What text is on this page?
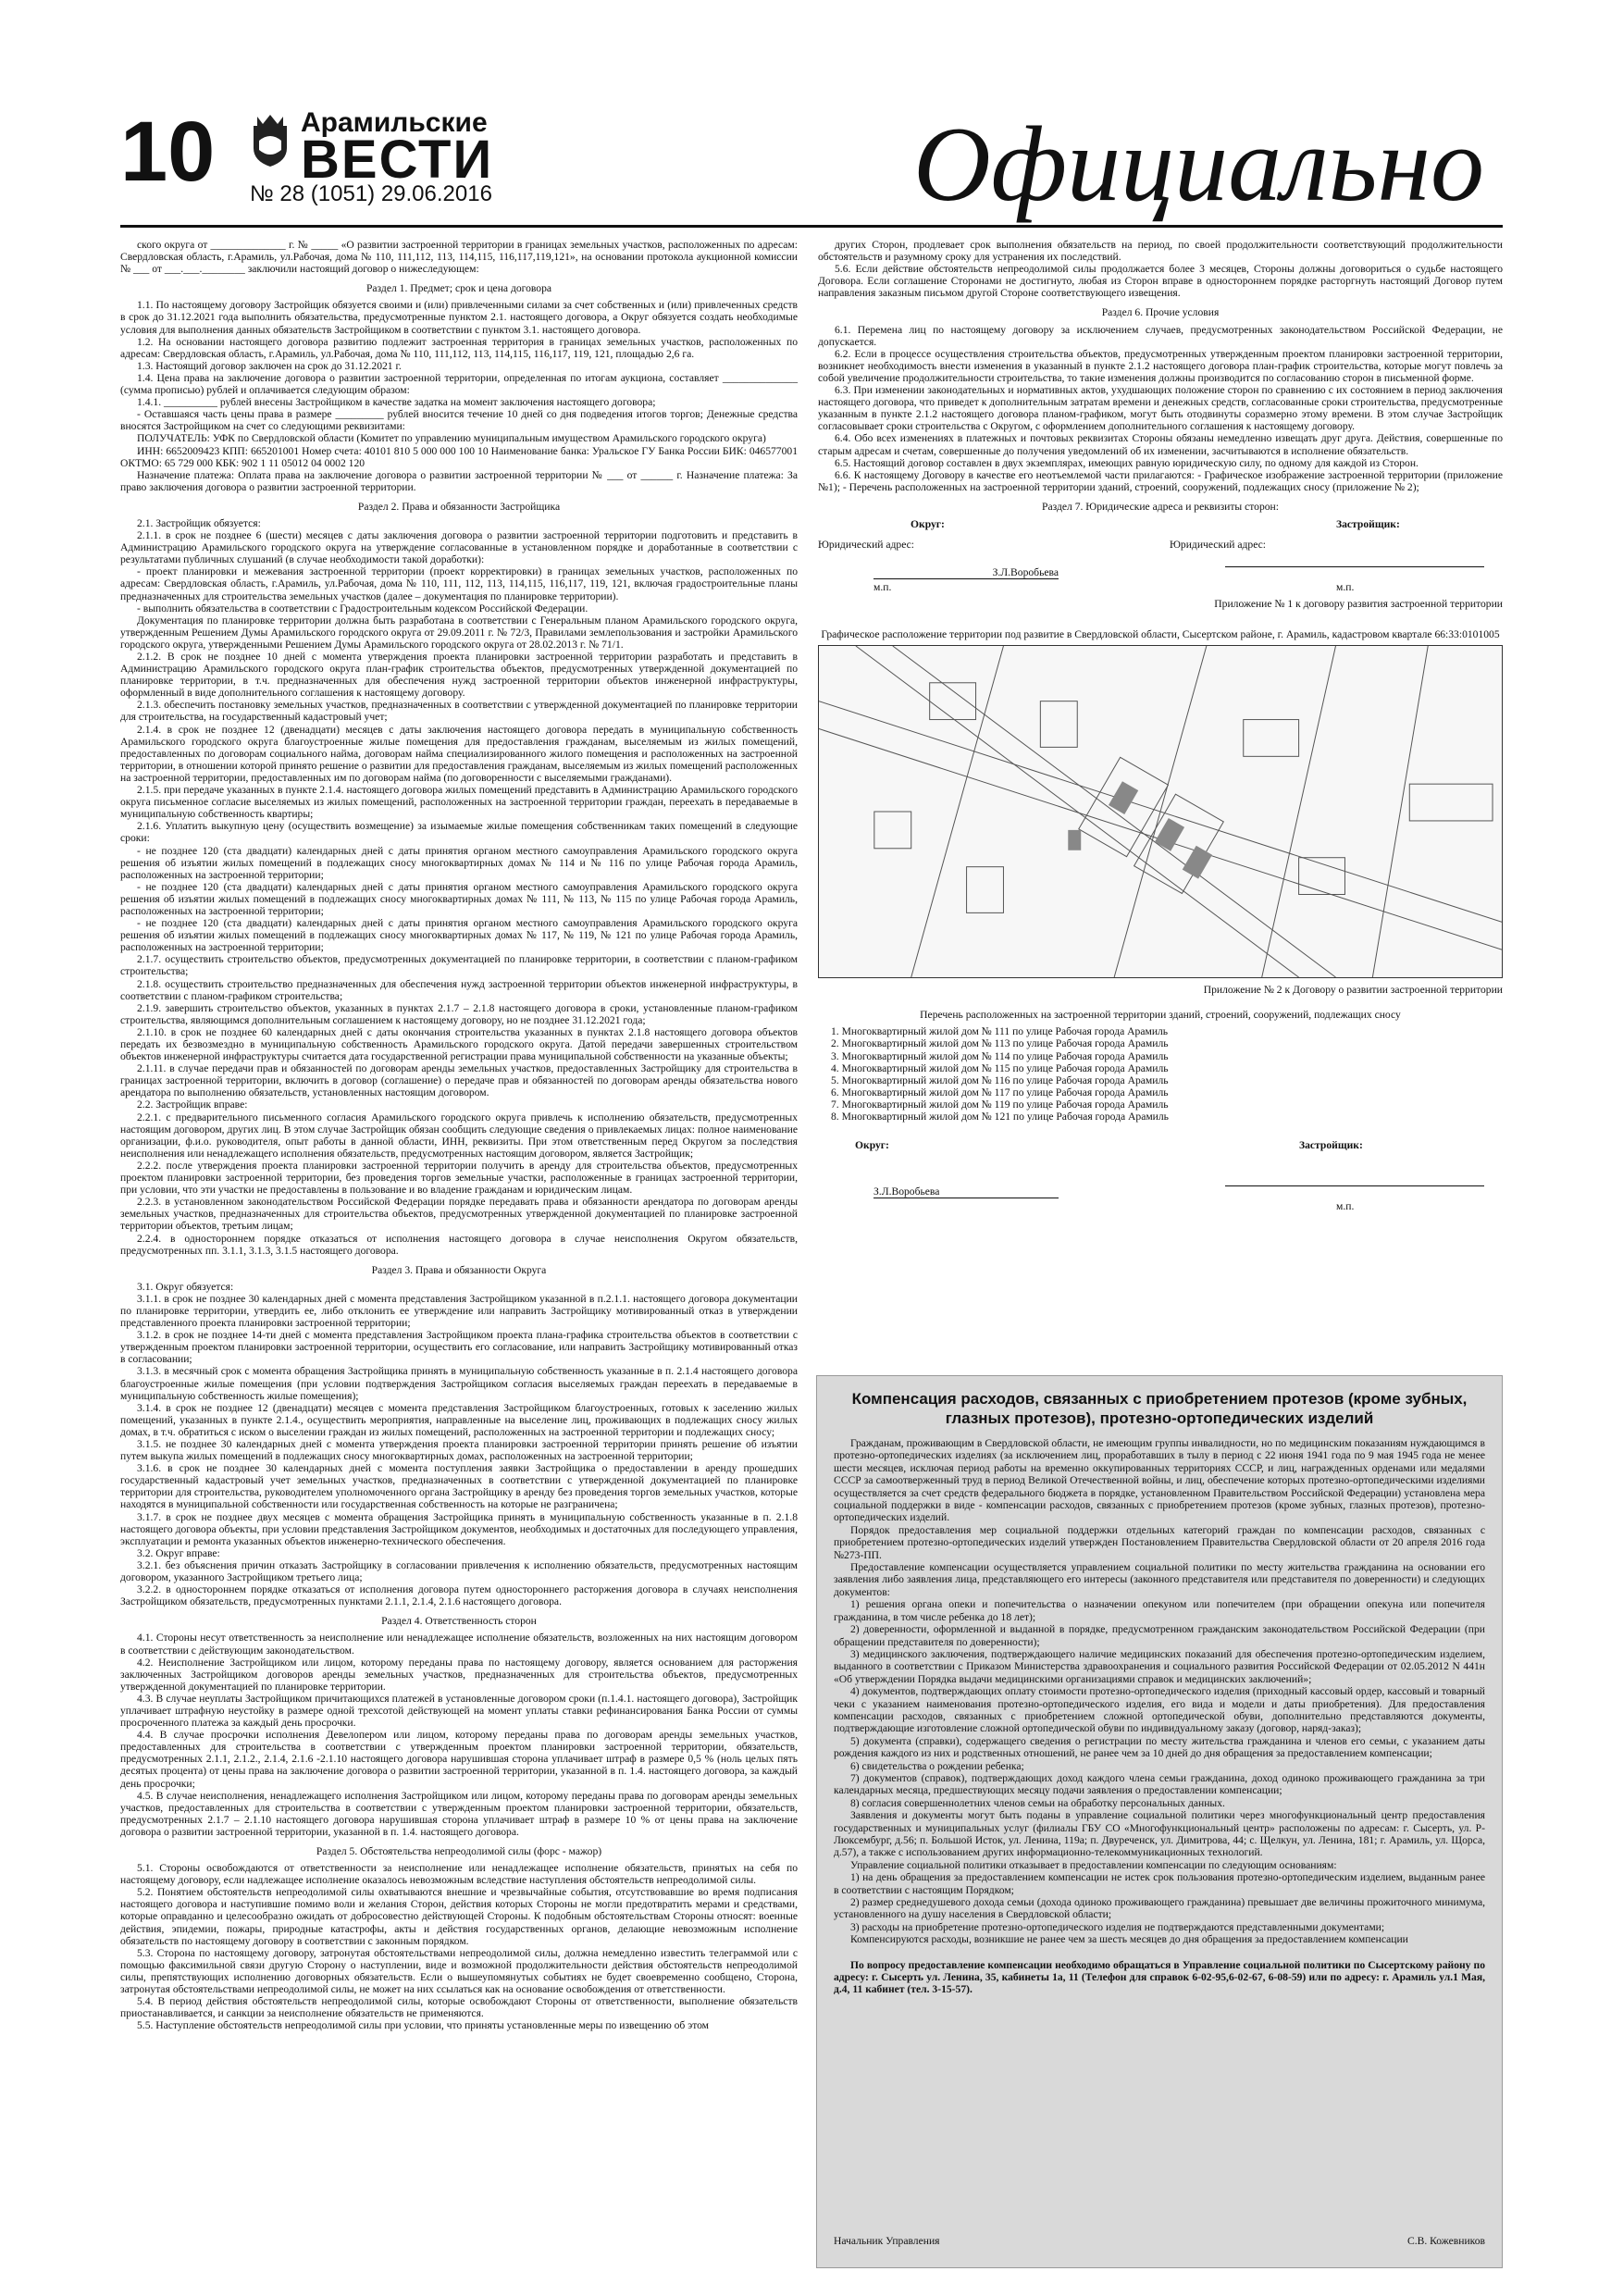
10	Арамильские
ВЕСТИ
№ 28 (1051) 29.06.2016	Официально

ского округа от ______________ г. № _____ «О развитии застроенной территории в границах земельных участков, расположенных по адресам: Свердловская область, г.Арамиль, ул.Рабочая, дома № 110, 111,112, 113, 114,115, 116,117,119,121», на основании протокола аукционной комиссии № ___ от ___.___.________ заключили настоящий договор о нижеследующем:

Раздел 1. Предмет; срок и цена договора

1.1. По настоящему договору Застройщик обязуется своими и (или) привлеченными силами за счет собственных и (или) привлеченных средств в срок до 31.12.2021 года выполнить обязательства, предусмотренные пунктом 2.1. настоящего договора, а Округ обязуется создать необходимые условия для выполнения данных обязательств Застройщиком в соответствии с пунктом 3.1. настоящего договора.

1.2. На основании настоящего договора развитию подлежит застроенная территория в границах земельных участков, расположенных по адресам: Свердловская область, г.Арамиль, ул.Рабочая, дома № 110, 111,112, 113, 114,115, 116,117, 119, 121, площадью 2,6 га.

1.3. Настоящий договор заключен на срок до 31.12.2021 г.

1.4. Цена права на заключение договора о развитии застроенной территории, определенная по итогам аукциона, составляет ______________ (сумма прописью) рублей и оплачивается следующим образом:

1.4.1. __________ рублей внесены Застройщиком в качестве задатка на момент заключения настоящего договора;

- Оставшаяся часть цены права в размере _________ рублей вносится течение 10 дней со дня подведения итогов торгов; Денежные средства вносятся Застройщиком на счет со следующими реквизитами:

ПОЛУЧАТЕЛЬ: УФК по Свердловской области (Комитет по управлению муниципальным имуществом Арамильского городского округа)

ИНН: 6652009423 КПП: 665201001 Номер счета: 40101 810 5 000 000 100 10 Наименование банка: Уральское ГУ Банка России БИК: 046577001 ОКТМО: 65 729 000 КБК: 902 1 11 05012 04 0002 120

Назначение платежа: Оплата права на заключение договора о развитии застроенной территории № ___ от ______ г. Назначение платежа: За право заключения договора о развитии застроенной территории.

Раздел 2. Права и обязанности Застройщика

2.1. Застройщик обязуется:

2.1.1. в срок не позднее 6 (шести) месяцев с даты заключения договора о развитии застроенной территории подготовить и представить в Администрацию Арамильского городского округа на утверждение согласованные в установленном порядке и доработанные в соответствии с результатами публичных слушаний (в случае необходимости такой доработки):

- проект планировки и межевания застроенной территории (проект корректировки) в границах земельных участков, расположенных по адресам: Свердловская область, г.Арамиль, ул.Рабочая, дома № 110, 111, 112, 113, 114,115, 116,117, 119, 121, включая градостроительные планы предназначенных для строительства земельных участков (далее – документация по планировке территории).

- выполнить обязательства в соответствии с Градостроительным кодексом Российской Федерации.

Документация по планировке территории должна быть разработана в соответствии с Генеральным планом Арамильского городского округа, утвержденным Решением Думы Арамильского городского округа от 29.09.2011 г. № 72/3, Правилами землепользования и застройки Арамильского городского округа, утвержденными Решением Думы Арамильского городского округа от 28.02.2013 г. № 71/1.

2.1.2. В срок не позднее 10 дней с момента утверждения проекта планировки застроенной территории разработать и представить в Администрацию Арамильского городского округа план-график строительства объектов, предусмотренных утвержденной документацией по планировке территории, в т.ч. предназначенных для обеспечения нужд застроенной территории объектов инженерной инфраструктуры, оформленный в виде дополнительного соглашения к настоящему договору.

2.1.3. обеспечить постановку земельных участков, предназначенных в соответствии с утвержденной документацией по планировке территории для строительства, на государственный кадастровый учет;

2.1.4. в срок не позднее 12 (двенадцати) месяцев с даты заключения настоящего договора передать в муниципальную собственность Арамильского городского округа благоустроенные жилые помещения для предоставления гражданам, выселяемым из жилых помещений, предоставленных по договорам социального найма, договорам найма специализированного жилого помещения и расположенных на застроенной территории, в отношении которой принято решение о развитии для предоставления гражданам, выселяемым из жилых помещений расположенных на застроенной территории, предоставленных им по договорам найма (по договоренности с выселяемыми гражданами).

2.1.5. при передаче указанных в пункте 2.1.4. настоящего договора жилых помещений представить в Администрацию Арамильского городского округа письменное согласие выселяемых из жилых помещений, расположенных на застроенной территории граждан, переехать в передаваемые в муниципальную собственность квартиры;

2.1.6. Уплатить выкупную цену (осуществить возмещение) за изымаемые жилые помещения собственникам таких помещений в следующие сроки:

- не позднее 120 (ста двадцати) календарных дней с даты принятия органом местного самоуправления Арамильского городского округа решения об изъятии жилых помещений в подлежащих сносу многоквартирных домах № 114 и № 116 по улице Рабочая города Арамиль, расположенных на застроенной территории;

- не позднее 120 (ста двадцати) календарных дней с даты принятия органом местного самоуправления Арамильского городского округа решения об изъятии жилых помещений в подлежащих сносу многоквартирных домах № 111, № 113, № 115 по улице Рабочая города Арамиль, расположенных на застроенной территории;

- не позднее 120 (ста двадцати) календарных дней с даты принятия органом местного самоуправления Арамильского городского округа решения об изъятии жилых помещений в подлежащих сносу многоквартирных домах № 117, № 119, № 121 по улице Рабочая города Арамиль, расположенных на застроенной территории;

2.1.7. осуществить строительство объектов, предусмотренных документацией по планировке территории, в соответствии с планом-графиком строительства;

2.1.8. осуществить строительство предназначенных для обеспечения нужд застроенной территории объектов инженерной инфраструктуры, в соответствии с планом-графиком строительства;

2.1.9. завершить строительство объектов, указанных в пунктах 2.1.7 – 2.1.8 настоящего договора в сроки, установленные планом-графиком строительства, являющимся дополнительным соглашением к настоящему договору, но не позднее 31.12.2021 года;

2.1.10. в срок не позднее 60 календарных дней с даты окончания строительства указанных в пунктах 2.1.8 настоящего договора объектов передать их безвозмездно в муниципальную собственность Арамильского городского округа. Датой передачи завершенных строительством объектов инженерной инфраструктуры считается дата государственной регистрации права муниципальной собственности на указанные объекты;

2.1.11. в случае передачи прав и обязанностей по договорам аренды земельных участков, предоставленных Застройщику для строительства в границах застроенной территории, включить в договор (соглашение) о передаче прав и обязанностей по договорам аренды обязательства нового арендатора по выполнению обязательств, установленных настоящим договором.

2.2. Застройщик вправе:

2.2.1. с предварительного письменного согласия Арамильского городского округа привлечь к исполнению обязательств, предусмотренных настоящим договором, других лиц. В этом случае Застройщик обязан сообщить следующие сведения о привлекаемых лицах: полное наименование организации, ф.и.о. руководителя, опыт работы в данной области, ИНН, реквизиты. При этом ответственным перед Округом за последствия неисполнения или ненадлежащего исполнения обязательств, предусмотренных настоящим договором, является Застройщик;

2.2.2. после утверждения проекта планировки застроенной территории получить в аренду для строительства объектов, предусмотренных проектом планировки застроенной территории, без проведения торгов земельные участки, расположенные в границах застроенной территории, при условии, что эти участки не предоставлены в пользование и во владение гражданам и юридическим лицам.

2.2.3. в установленном законодательством Российской Федерации порядке передавать права и обязанности арендатора по договорам аренды земельных участков, предназначенных для строительства объектов, предусмотренных утвержденной документацией по планировке застроенной территории объектов, третьим лицам;

2.2.4. в одностороннем порядке отказаться от исполнения настоящего договора в случае неисполнения Округом обязательств, предусмотренных пп. 3.1.1, 3.1.3, 3.1.5 настоящего договора.

Раздел 3. Права и обязанности Округа

3.1. Округ обязуется:

3.1.1. в срок не позднее 30 календарных дней с момента представления Застройщиком указанной в п.2.1.1. настоящего договора документации по планировке территории, утвердить ее, либо отклонить ее утверждение или направить Застройщику мотивированный отказ в утверждении представленного проекта планировки застроенной территории;

3.1.2. в срок не позднее 14-ти дней с момента представления Застройщиком проекта плана-графика строительства объектов в соответствии с утвержденным проектом планировки застроенной территории, осуществить его согласование, или направить Застройщику мотивированный отказ в согласовании;

3.1.3. в месячный срок с момента обращения Застройщика принять в муниципальную собственность указанные в п. 2.1.4 настоящего договора благоустроенные жилые помещения (при условии подтверждения Застройщиком согласия выселяемых граждан переехать в передаваемые в муниципальную собственность жилые помещения);

3.1.4. в срок не позднее 12 (двенадцати) месяцев с момента представления Застройщиком благоустроенных, готовых к заселению жилых помещений, указанных в пункте 2.1.4., осуществить мероприятия, направленные на выселение лиц, проживающих в подлежащих сносу жилых домах, в т.ч. обратиться с иском о выселении граждан из жилых помещений, расположенных на застроенной территории и подлежащих сносу;

3.1.5. не позднее 30 календарных дней с момента утверждения проекта планировки застроенной территории принять решение об изъятии путем выкупа жилых помещений в подлежащих сносу многоквартирных домах, расположенных на застроенной территории;

3.1.6. в срок не позднее 30 календарных дней с момента поступления заявки Застройщика о предоставлении в аренду прошедших государственный кадастровый учет земельных участков, предназначенных в соответствии с утвержденной документацией по планировке территории для строительства, руководителем уполномоченного органа Застройщику в аренду без проведения торгов земельных участков, которые находятся в муниципальной собственности или государственная собственность на которые не разграничена;

3.1.7. в срок не позднее двух месяцев с момента обращения Застройщика принять в муниципальную собственность указанные в п. 2.1.8 настоящего договора объекты, при условии представления Застройщиком документов, необходимых и достаточных для последующего управления, эксплуатации и ремонта указанных объектов инженерно-технического обеспечения.

3.2. Округ вправе:

3.2.1. без объяснения причин отказать Застройщику в согласовании привлечения к исполнению обязательств, предусмотренных настоящим договором, указанного Застройщиком третьего лица;

3.2.2. в одностороннем порядке отказаться от исполнения договора путем одностороннего расторжения договора в случаях неисполнения Застройщиком обязательств, предусмотренных пунктами 2.1.1, 2.1.4, 2.1.6 настоящего договора.

Раздел 4. Ответственность сторон

4.1. Стороны несут ответственность за неисполнение или ненадлежащее исполнение обязательств, возложенных на них настоящим договором в соответствии с действующим законодательством.

4.2. Неисполнение Застройщиком или лицом, которому переданы права по настоящему договору, является основанием для расторжения заключенных Застройщиком договоров аренды земельных участков, предназначенных для строительства объектов, предусмотренных утвержденной документацией по планировке территории.

4.3. В случае неуплаты Застройщиком причитающихся платежей в установленные договором сроки (п.1.4.1. настоящего договора), Застройщик уплачивает штрафную неустойку в размере одной трехсотой действующей на момент уплаты ставки рефинансирования Банка России от суммы просроченного платежа за каждый день просрочки.

4.4. В случае просрочки исполнения Девелопером или лицом, которому переданы права по договорам аренды земельных участков, предоставленных для строительства в соответствии с утвержденным проектом планировки застроенной территории, обязательств, предусмотренных 2.1.1, 2.1.2., 2.1.4, 2.1.6 -2.1.10 настоящего договора нарушившая сторона уплачивает штраф в размере 0,5 % (ноль целых пять десятых процента) от цены права на заключение договора о развитии застроенной территории, указанной в п. 1.4. настоящего договора, за каждый день просрочки;

4.5. В случае неисполнения, ненадлежащего исполнения Застройщиком или лицом, которому переданы права по договорам аренды земельных участков, предоставленных для строительства в соответствии с утвержденным проектом планировки застроенной территории, обязательств, предусмотренных 2.1.7 – 2.1.10 настоящего договора нарушившая сторона уплачивает штраф в размере 10 % от цены права на заключение договора о развитии застроенной территории, указанной в п. 1.4. настоящего договора.

Раздел 5. Обстоятельства непреодолимой силы (форс - мажор)

5.1. Стороны освобождаются от ответственности за неисполнение или ненадлежащее исполнение обязательств, принятых на себя по настоящему договору, если надлежащее исполнение оказалось невозможным вследствие наступления обстоятельств непреодолимой силы.

5.2. Понятием обстоятельств непреодолимой силы охватываются внешние и чрезвычайные события, отсутствовавшие во время подписания настоящего договора и наступившие помимо воли и желания Сторон, действия которых Стороны не могли предотвратить мерами и средствами, которые оправданно и целесообразно ожидать от добросовестно действующей Стороны. К подобным обстоятельствам Стороны относят: военные действия, эпидемии, пожары, природные катастрофы, акты и действия государственных органов, делающие невозможным исполнение обязательств по настоящему договору в соответствии с законным порядком.

5.3. Сторона по настоящему договору, затронутая обстоятельствами непреодолимой силы, должна немедленно известить телеграммой или с помощью факсимильной связи другую Сторону о наступлении, виде и возможной продолжительности действия обстоятельств непреодолимой силы, препятствующих исполнению договорных обязательств. Если о вышеупомянутых событиях не будет своевременно сообщено, Сторона, затронутая обстоятельствами непреодолимой силы, не может на них ссылаться как на основание освобождения от ответственности.

5.4. В период действия обстоятельств непреодолимой силы, которые освобождают Стороны от ответственности, выполнение обязательств приостанавливается, и санкции за неисполнение обязательств не применяются.

5.5. Наступление обстоятельств непреодолимой силы при условии, что приняты установленные меры по извещению об этом

других Сторон, продлевает срок выполнения обязательств на период, по своей продолжительности соответствующий продолжительности обстоятельств и разумному сроку для устранения их последствий.

5.6. Если действие обстоятельств непреодолимой силы продолжается более 3 месяцев, Стороны должны договориться о судьбе настоящего Договора. Если соглашение Сторонами не достигнуто, любая из Сторон вправе в одностороннем порядке расторгнуть настоящий Договор путем направления заказным письмом другой Стороне соответствующего извещения.

Раздел 6. Прочие условия

6.1. Перемена лиц по настоящему договору за исключением случаев, предусмотренных законодательством Российской Федерации, не допускается.

6.2. Если в процессе осуществления строительства объектов, предусмотренных утвержденным проектом планировки застроенной территории, возникнет необходимость внести изменения в указанный в пункте 2.1.2 настоящего договора план-график строительства, которые могут повлечь за собой увеличение продолжительности строительства, то такие изменения должны производится по согласованию сторон в письменной форме.

6.3. При изменении законодательных и нормативных актов, ухудшающих положение сторон по сравнению с их состоянием в период заключения настоящего договора, что приведет к дополнительным затратам времени и денежных средств, согласованные сроки строительства, предусмотренные указанным в пункте 2.1.2 настоящего договора планом-графиком, могут быть отодвинуты соразмерно этому времени. В этом случае Застройщик согласовывает сроки строительства с Округом, с оформлением дополнительного соглашения к настоящему договору.

6.4. Обо всех изменениях в платежных и почтовых реквизитах Стороны обязаны немедленно извещать друг друга. Действия, совершенные по старым адресам и счетам, совершенные до получения уведомлений об их изменении, засчитываются в исполнение обязательств.

6.5. Настоящий договор составлен в двух экземплярах, имеющих равную юридическую силу, по одному для каждой из Сторон.

6.6. К настоящему Договору в качестве его неотъемлемой части прилагаются: - Графическое изображение застроенной территории (приложение №1); - Перечень расположенных на застроенной территории зданий, строений, сооружений, подлежащих сносу (приложение № 2);

Раздел 7. Юридические адреса и реквизиты сторон:

Округ:	Застройщик:
Юридический адрес:	Юридический адрес:
З.Л.Воробьева
м.п.	м.п.

Приложение № 1 к договору развития застроенной территории

Графическое расположение территории под развитие в Свердловской области, Сысертском районе, г. Арамиль, кадастровом квартале 66:33:0101005

Приложение № 2 к Договору о развитии застроенной территории

Перечень расположенных на застроенной территории зданий, строений, сооружений, подлежащих сносу

1. Многоквартирный жилой дом № 111 по улице Рабочая города Арамиль
2. Многоквартирный жилой дом № 113 по улице Рабочая города Арамиль
3. Многоквартирный жилой дом № 114 по улице Рабочая города Арамиль
4. Многоквартирный жилой дом № 115 по улице Рабочая города Арамиль
5. Многоквартирный жилой дом № 116 по улице Рабочая города Арамиль
6. Многоквартирный жилой дом № 117 по улице Рабочая города Арамиль
7. Многоквартирный жилой дом № 119 по улице Рабочая города Арамиль
8. Многоквартирный жилой дом № 121 по улице Рабочая города Арамиль
Округ:	Застройщик:
З.Л.Воробьева
м.п.
Компенсация расходов, связанных с приобретением протезов (кроме зубных, глазных протезов), протезно-ортопедических изделий

Гражданам, проживающим в Свердловской области, не имеющим группы инвалидности, но по медицинским показаниям нуждающимся в протезно-ортопедических изделиях (за исключением лиц, проработавших в тылу в период с 22 июня 1941 года по 9 мая 1945 года не менее шести месяцев, исключая период работы на временно оккупированных территориях СССР, и лиц, награжденных орденами или медалями СССР за самоотверженный труд в период Великой Отечественной войны, и лиц, обеспечение которых протезно-ортопедическими изделиями осуществляется за счет средств федерального бюджета в порядке, установленном Правительством Российской Федерации) установлена мера социальной поддержки в виде - компенсации расходов, связанных с приобретением протезов (кроме зубных, глазных протезов), протезно-ортопедических изделий.

Порядок предоставления мер социальной поддержки отдельных категорий граждан по компенсации расходов, связанных с приобретением протезно-ортопедических изделий утвержден Постановлением Правительства Свердловской области от 20 апреля 2016 года №273-ПП.

Предоставление компенсации осуществляется управлением социальной политики по месту жительства гражданина на основании его заявления либо заявления лица, представляющего его интересы (законного представителя или представителя по доверенности) и следующих документов:

1) решения органа опеки и попечительства о назначении опекуном или попечителем (при обращении опекуна или попечителя гражданина, в том числе ребенка до 18 лет);

2) доверенности, оформленной и выданной в порядке, предусмотренном гражданским законодательством Российской Федерации (при обращении представителя по доверенности);

3) медицинского заключения, подтверждающего наличие медицинских показаний для обеспечения протезно-ортопедическим изделием, выданного в соответствии с Приказом Министерства здравоохранения и социального развития Российской Федерации от 02.05.2012 N 441н «Об утверждении Порядка выдачи медицинскими организациями справок и медицинских заключений»;

4) документов, подтверждающих оплату стоимости протезно-ортопедического изделия (приходный кассовый ордер, кассовый и товарный чеки с указанием наименования протезно-ортопедического изделия, его вида и модели и даты приобретения). Для предоставления компенсации расходов, связанных с приобретением сложной ортопедической обуви, дополнительно представляются документы, подтверждающие изготовление сложной ортопедической обуви по индивидуальному заказу (договор, наряд-заказ);

5) документа (справки), содержащего сведения о регистрации по месту жительства гражданина и членов его семьи, с указанием даты рождения каждого из них и родственных отношений, не ранее чем за 10 дней до дня обращения за предоставлением компенсации;

6) свидетельства о рождении ребенка;

7) документов (справок), подтверждающих доход каждого члена семьи гражданина, доход одиноко проживающего гражданина за три календарных месяца, предшествующих месяцу подачи заявления о предоставлении компенсации;

8) согласия совершеннолетних членов семьи на обработку персональных данных.

Заявления и документы могут быть поданы в управление социальной политики через многофункциональный центр предоставления государственных и муниципальных услуг (филиалы ГБУ СО «Многофункциональный центр» расположены по адресам: г. Сысерть, ул. Р-Люксембург, д.56; п. Большой Исток, ул. Ленина, 119а; п. Двуреченск, ул. Димитрова, 44; с. Щелкун, ул. Ленина, 181; г. Арамиль, ул. Щорса, д.57), а также с использованием других информационно-телекоммуникационных технологий.

Управление социальной политики отказывает в предоставлении компенсации по следующим основаниям:

1) на день обращения за предоставлением компенсации не истек срок пользования протезно-ортопедическим изделием, выданным ранее в соответствии с настоящим Порядком;

2) размер среднедушевого дохода семьи (дохода одиноко проживающего гражданина) превышает две величины прожиточного минимума, установленного на душу населения в Свердловской области;

3) расходы на приобретение протезно-ортопедического изделия не подтверждаются представленными документами;

Компенсируются расходы, возникшие не ранее чем за шесть месяцев до дня обращения за предоставлением компенсации

По вопросу предоставление компенсации необходимо обращаться в Управление социальной политики по Сысертскому району по адресу: г. Сысерть ул. Ленина, 35, кабинеты 1а, 11 (Телефон для справок 6-02-95,6-02-67, 6-08-59) или по адресу: г. Арамиль ул.1 Мая, д.4, 11 кабинет (тел. 3-15-57).

Начальник Управления	С.В. Кожевников
